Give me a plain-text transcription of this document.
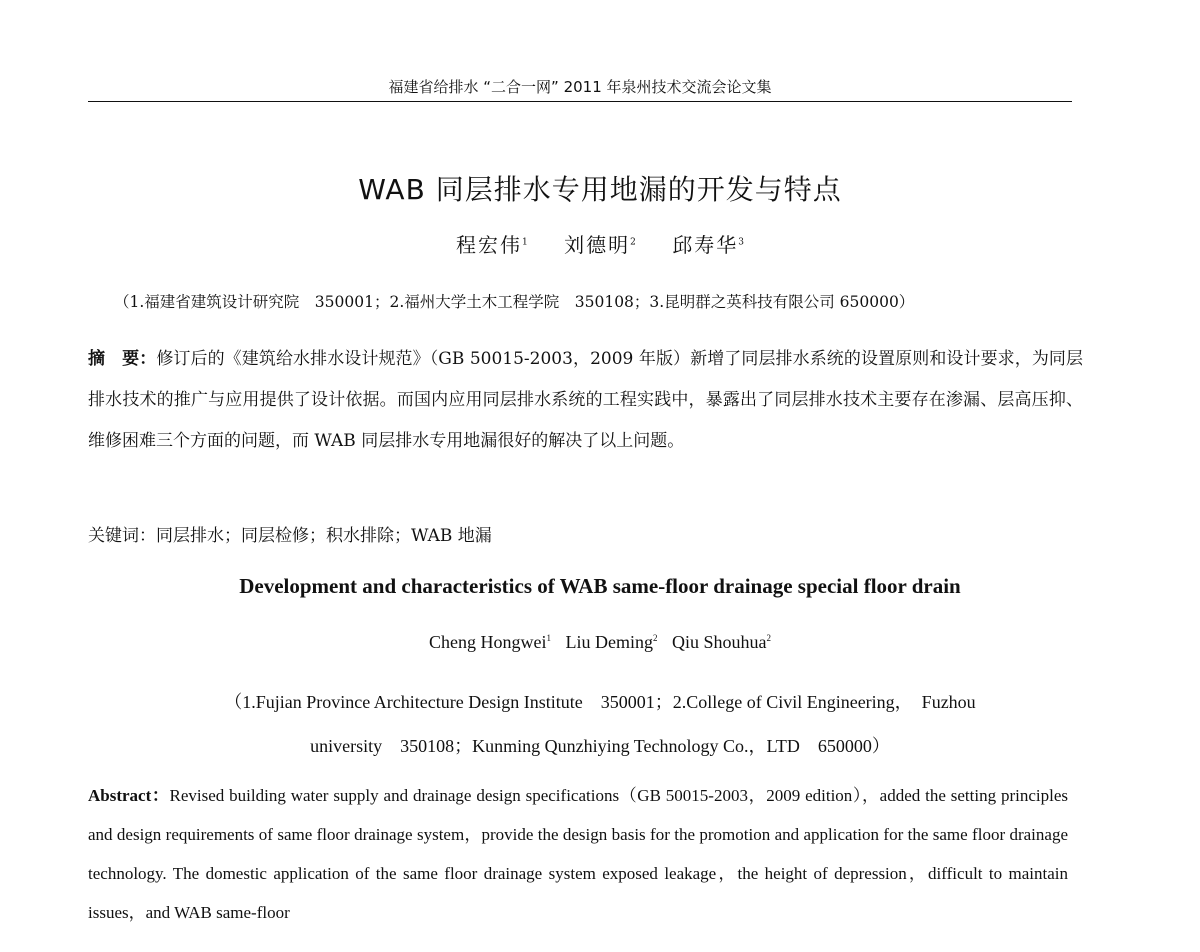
福建省给排水 “二合一网” 2011 年泉州技术交流会论文集
WAB 同层排水专用地漏的开发与特点
程宏伟$^1$ 刘德明$^2$ 邱寿华$^3$
（1.福建省建筑设计研究院　350001；2.福州大学土木工程学院　350108；3.昆明群之英科技有限公司 650000）

摘　要：修订后的《建筑给水排水设计规范》（GB 50015-2003，2009 年版）新增了同层排水系统的设置原则和设计要求，为同层排水技术的推广与应用提供了设计依据。而国内应用同层排水系统的工程实践中，暴露出了同层排水技术主要存在渗漏、层高压抑、维修困难三个方面的问题，而 WAB 同层排水专用地漏很好的解决了以上问题。

关键词：同层排水；同层检修；积水排除；WAB 地漏
Development and characteristics of WAB same-floor drainage special floor drain
Cheng Hongwei$^1$ Liu Deming$^2$ Qiu Shouhua$^2$

（1.Fujian Province Architecture Design Institute　350001；2.College of Civil Engineering，　Fuzhou
university　350108；Kunming Qunzhiying Technology Co.，LTD　650000）

Abstract：Revised building water supply and drainage design specifications（GB 50015-2003，2009 edition），added the setting principles and design requirements of same floor drainage system，provide the design basis for the promotion and application for the same floor drainage technology. The domestic application of the same floor drainage system exposed leakage，the height of depression，difficult to maintain issues，and WAB same-floor
